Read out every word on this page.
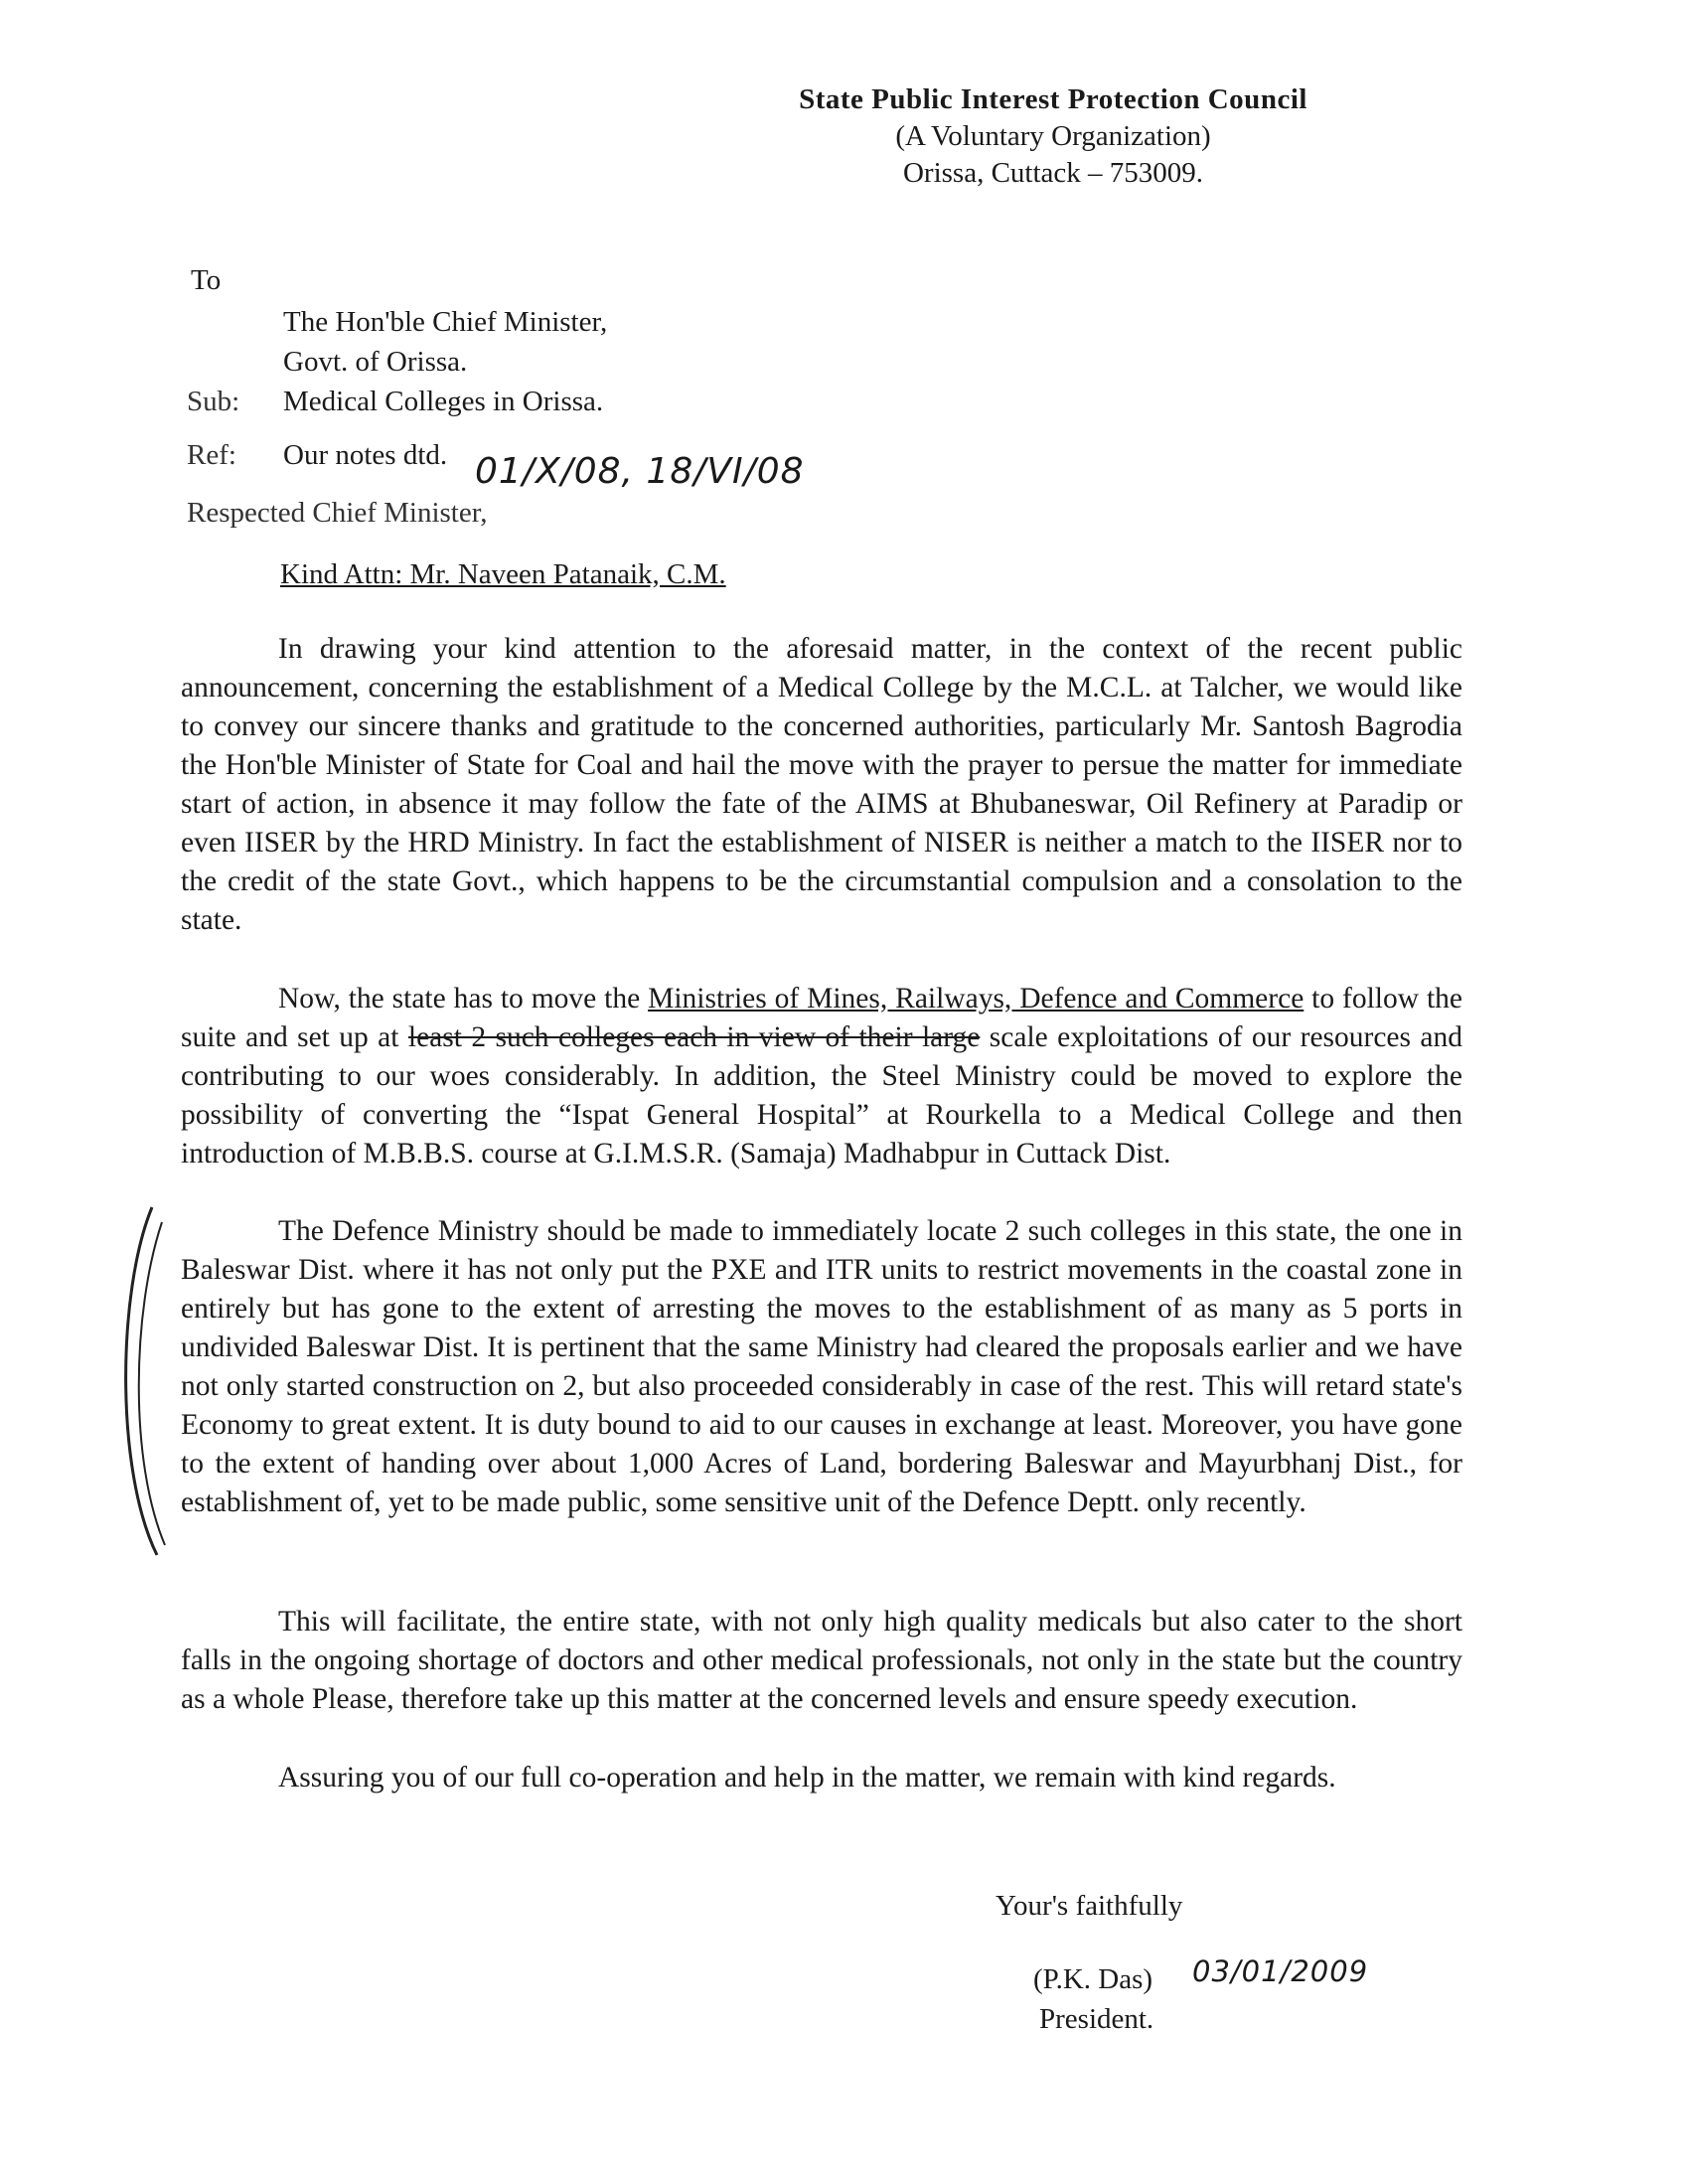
State Public Interest Protection Council
(A Voluntary Organization)
Orissa, Cuttack – 753009.
To
The Hon'ble Chief Minister,
Govt. of Orissa.
Sub: Medical Colleges in Orissa.
Ref: Our notes dtd. 01/X/08, 18/VI/08
Respected Chief Minister,
Kind Attn: Mr. Naveen Patanaik, C.M.
In drawing your kind attention to the aforesaid matter, in the context of the recent public announcement, concerning the establishment of a Medical College by the M.C.L. at Talcher, we would like to convey our sincere thanks and gratitude to the concerned authorities, particularly Mr. Santosh Bagrodia the Hon'ble Minister of State for Coal and hail the move with the prayer to persue the matter for immediate start of action, in absence it may follow the fate of the AIMS at Bhubaneswar, Oil Refinery at Paradip or even IISER by the HRD Ministry. In fact the establishment of NISER is neither a match to the IISER nor to the credit of the state Govt., which happens to be the circumstantial compulsion and a consolation to the state.
Now, the state has to move the Ministries of Mines, Railways, Defence and Commerce to follow the suite and set up at least 2 such colleges each in view of their large scale exploitations of our resources and contributing to our woes considerably. In addition, the Steel Ministry could be moved to explore the possibility of converting the “Ispat General Hospital” at Rourkella to a Medical College and then introduction of M.B.B.S. course at G.I.M.S.R. (Samaja) Madhabpur in Cuttack Dist.
The Defence Ministry should be made to immediately locate 2 such colleges in this state, the one in Baleswar Dist. where it has not only put the PXE and ITR units to restrict movements in the coastal zone in entirely but has gone to the extent of arresting the moves to the establishment of as many as 5 ports in undivided Baleswar Dist. It is pertinent that the same Ministry had cleared the proposals earlier and we have not only started construction on 2, but also proceeded considerably in case of the rest. This will retard state's Economy to great extent. It is duty bound to aid to our causes in exchange at least. Moreover, you have gone to the extent of handing over about 1,000 Acres of Land, bordering Baleswar and Mayurbhanj Dist., for establishment of, yet to be made public, some sensitive unit of the Defence Deptt. only recently.
This will facilitate, the entire state, with not only high quality medicals but also cater to the short falls in the ongoing shortage of doctors and other medical professionals, not only in the state but the country as a whole Please, therefore take up this matter at the concerned levels and ensure speedy execution.
Assuring you of our full co-operation and help in the matter, we remain with kind regards.
Your's faithfully
(P.K. Das) 03/01/2009
President.
